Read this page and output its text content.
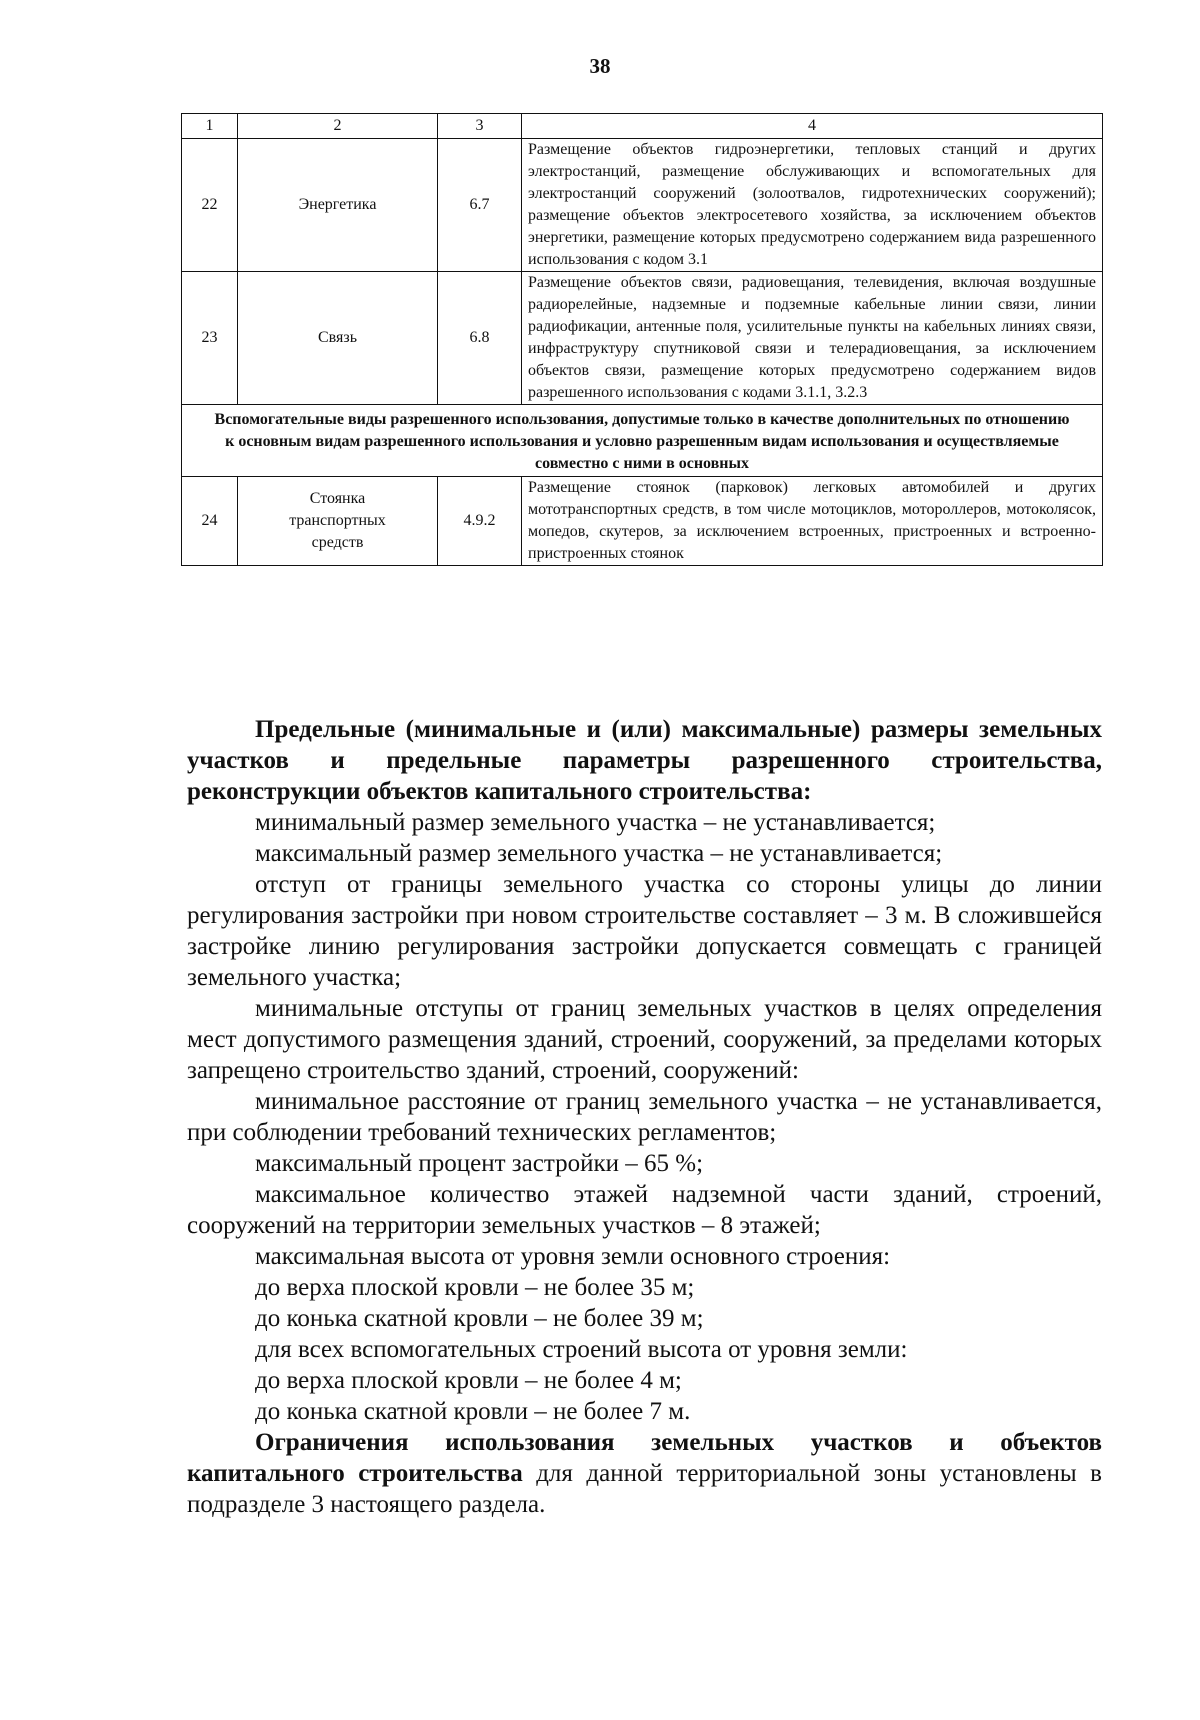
38
1	2	3	4
22	Энергетика	6.7	Размещение объектов гидроэнергетики, тепловых станций и других электростанций, размещение обслуживающих и вспомогательных для электростанций сооружений (золоотвалов, гидротехнических сооружений); размещение объектов электросетевого хозяйства, за исключением объектов энергетики, размещение которых предусмотрено содержанием вида разрешенного использования с кодом 3.1
23	Связь	6.8	Размещение объектов связи, радиовещания, телевидения, включая воздушные радиорелейные, надземные и подземные кабельные линии связи, линии радиофикации, антенные поля, усилительные пункты на кабельных линиях связи, инфраструктуру спутниковой связи и телерадиовещания, за исключением объектов связи, размещение которых предусмотрено содержанием видов разрешенного использования с кодами 3.1.1, 3.2.3
Вспомогательные виды разрешенного использования, допустимые только в качестве дополнительных по отношению к основным видам разрешенного использования и условно разрешенным видам использования и осуществляемые совместно с ними в основных			
24	Стоянка транспортных средств	4.9.2	Размещение стоянок (парковок) легковых автомобилей и других мототранспортных средств, в том числе мотоциклов, мотороллеров, мотоколясок, мопедов, скутеров, за исключением встроенных, пристроенных и встроенно-пристроенных стоянок

Предельные (минимальные и (или) максимальные) размеры земельных участков и предельные параметры разрешенного строительства, реконструкции объектов капитального строительства:

минимальный размер земельного участка – не устанавливается;

максимальный размер земельного участка – не устанавливается;

отступ от границы земельного участка со стороны улицы до линии регулирования застройки при новом строительстве составляет – 3 м. В сложившейся застройке линию регулирования застройки допускается совмещать с границей земельного участка;

минимальные отступы от границ земельных участков в целях определения мест допустимого размещения зданий, строений, сооружений, за пределами которых запрещено строительство зданий, строений, сооружений:

минимальное расстояние от границ земельного участка – не устанавливается, при соблюдении требований технических регламентов;

максимальный процент застройки – 65 %;

максимальное количество этажей надземной части зданий, строений, сооружений на территории земельных участков – 8 этажей;

максимальная высота от уровня земли основного строения:

до верха плоской кровли – не более 35 м;

до конька скатной кровли – не более 39 м;

для всех вспомогательных строений высота от уровня земли:

до верха плоской кровли – не более 4 м;

до конька скатной кровли – не более 7 м.

Ограничения использования земельных участков и объектов капитального строительства для данной территориальной зоны установлены в подразделе 3 настоящего раздела.
